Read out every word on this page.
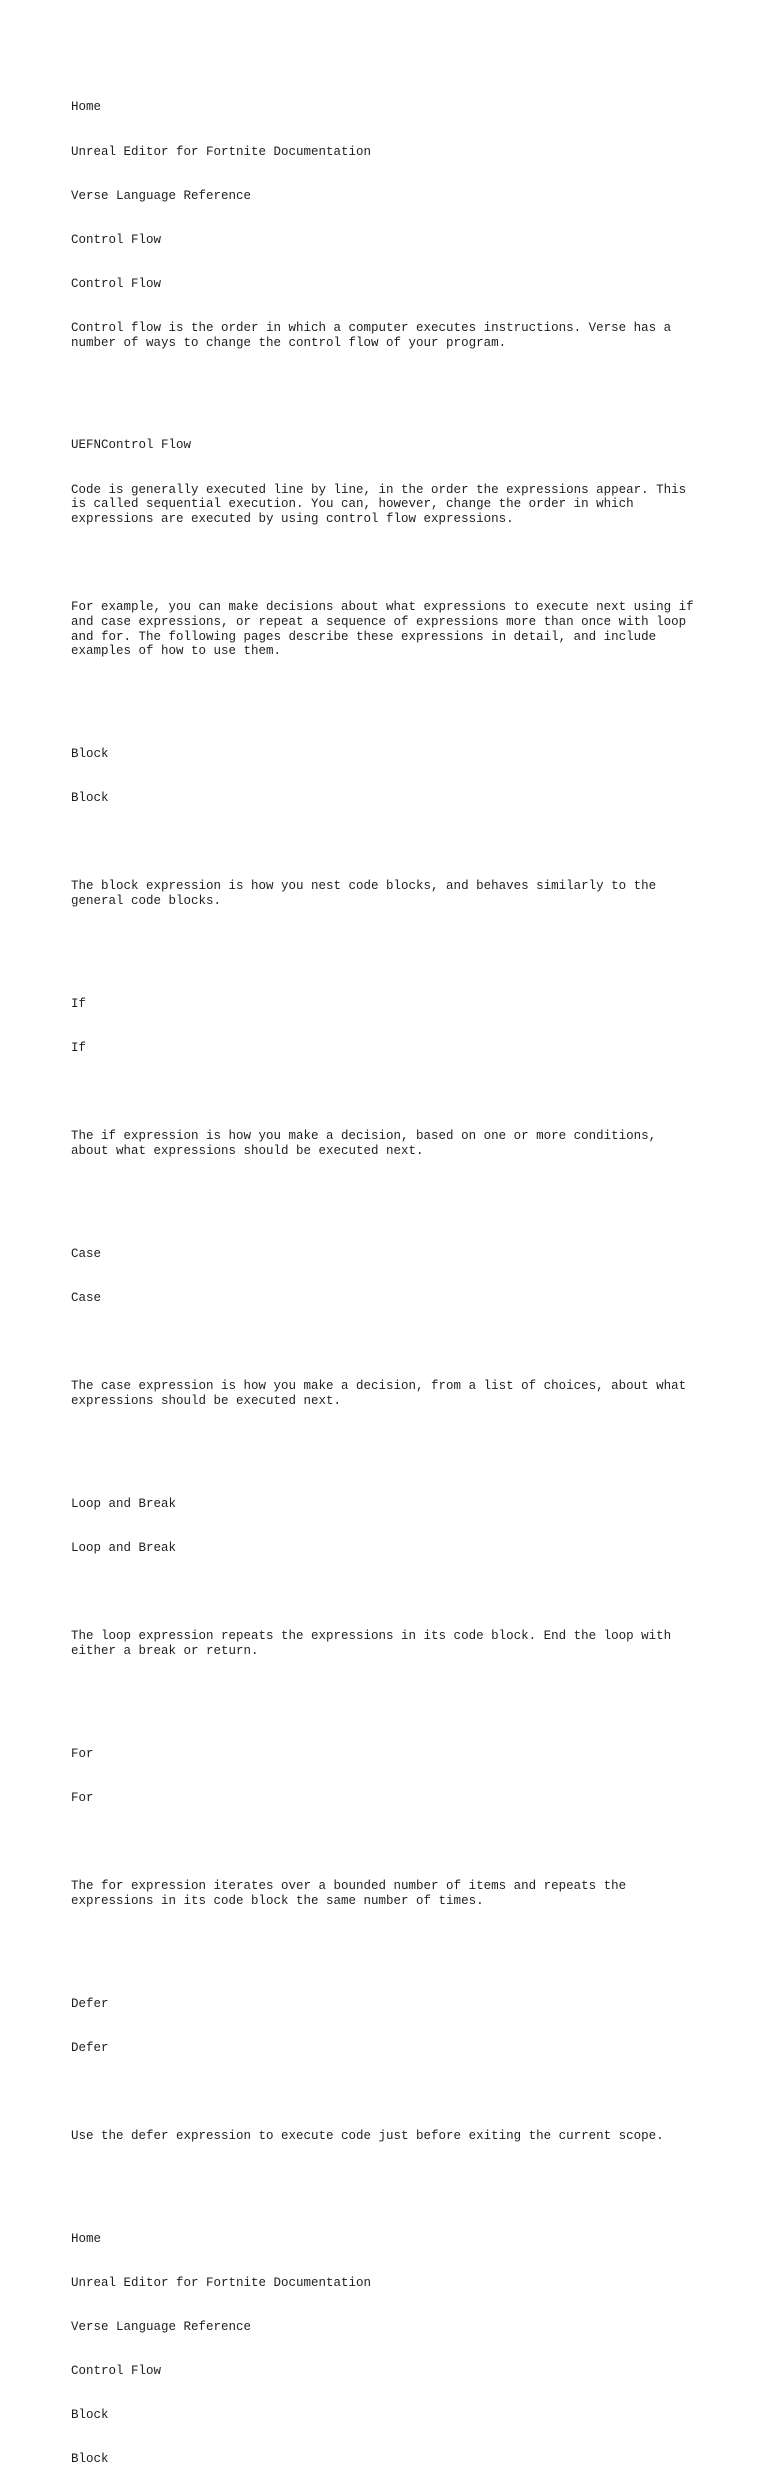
Home

Unreal Editor for Fortnite Documentation

Verse Language Reference

Control Flow

Control Flow

Control flow is the order in which a computer executes instructions. Verse has a
number of ways to change the control flow of your program.

UEFNControl Flow

Code is generally executed line by line, in the order the expressions appear. This
is called sequential execution. You can, however, change the order in which
expressions are executed by using control flow expressions.

For example, you can make decisions about what expressions to execute next using if
and case expressions, or repeat a sequence of expressions more than once with loop
and for. The following pages describe these expressions in detail, and include
examples of how to use them.

Block

Block

The block expression is how you nest code blocks, and behaves similarly to the
general code blocks.

If

If

The if expression is how you make a decision, based on one or more conditions,
about what expressions should be executed next.

Case

Case

The case expression is how you make a decision, from a list of choices, about what
expressions should be executed next.

Loop and Break

Loop and Break

The loop expression repeats the expressions in its code block. End the loop with
either a break or return.

For

For

The for expression iterates over a bounded number of items and repeats the
expressions in its code block the same number of times.

Defer

Defer

Use the defer expression to execute code just before exiting the current scope.

Home

Unreal Editor for Fortnite Documentation

Verse Language Reference

Control Flow

Block

Block
